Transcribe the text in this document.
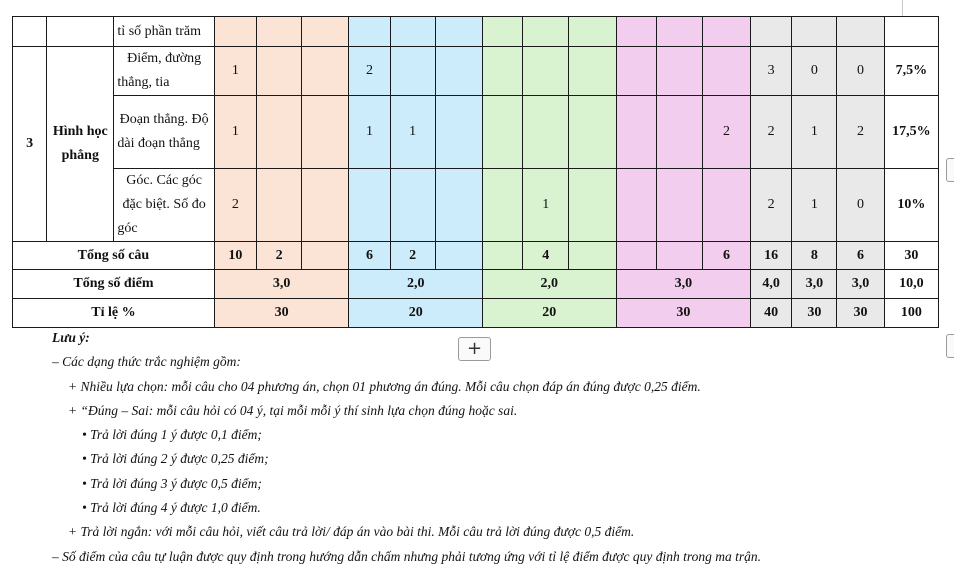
		tỉ số phần trăm																
3	Hình học phẳng	Điểm, đường thẳng, tia	1			2									3	0	0	7,5%
		Đoạn thẳng. Độ dài đoạn thẳng	1			1	1							2	2	1	2	17,5%
		Góc. Các góc đặc biệt. Số đo góc	2							1					2	1	0	10%
Tổng số câu			10	2		6	2			4				6	16	8	6	30
Tổng số điểm			3,0			2,0			2,0			3,0			4,0	3,0	3,0	10,0
Tỉ lệ %			30			20			20			30			40	30	30	100
+
Lưu ý:
– Các dạng thức trắc nghiệm gồm:
+ Nhiều lựa chọn: mỗi câu cho 04 phương án, chọn 01 phương án đúng. Mỗi câu chọn đáp án đúng được 0,25 điểm.
+ “Đúng – Sai: mỗi câu hỏi có 04 ý, tại mỗi mỗi ý thí sinh lựa chọn đúng hoặc sai.
• Trả lời đúng 1 ý được 0,1 điểm;
• Trả lời đúng 2 ý được 0,25 điểm;
• Trả lời đúng 3 ý được 0,5 điểm;
• Trả lời đúng 4 ý được 1,0 điểm.
+ Trả lời ngắn: với mỗi câu hỏi, viết câu trả lời/ đáp án vào bài thi. Mỗi câu trả lời đúng được 0,5 điểm.
– Số điểm của câu tự luận được quy định trong hướng dẫn chấm nhưng phải tương ứng với tỉ lệ điểm được quy định trong ma trận.
